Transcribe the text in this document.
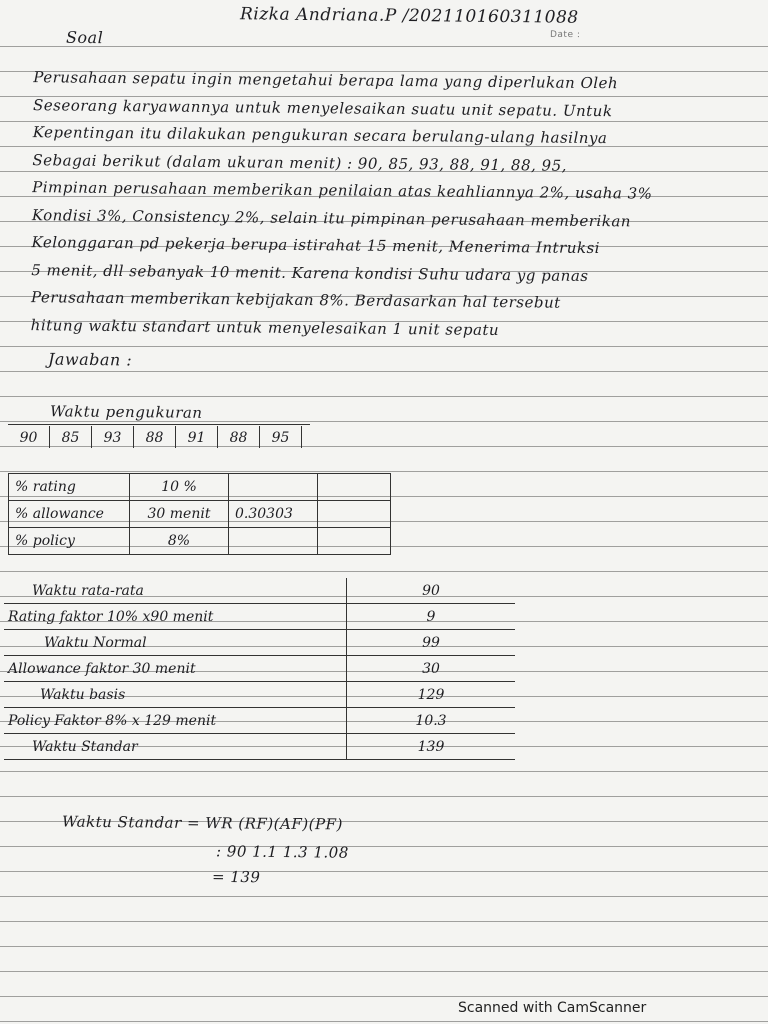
Rizka Andriana.P /202110160311088
Date :
Soal
Perusahaan sepatu ingin mengetahui berapa lama yang diperlukan Oleh
Seseorang karyawannya untuk menyelesaikan suatu unit sepatu. Untuk
Kepentingan itu dilakukan pengukuran secara berulang-ulang hasilnya
Sebagai berikut (dalam ukuran menit) : 90, 85, 93, 88, 91, 88, 95,
Pimpinan perusahaan memberikan penilaian atas keahliannya 2%, usaha 3%
Kondisi 3%, Consistency 2%, selain itu pimpinan perusahaan memberikan
Kelonggaran pd pekerja berupa istirahat 15 menit, Menerima Intruksi
5 menit, dll sebanyak 10 menit. Karena kondisi Suhu udara yg panas
Perusahaan memberikan kebijakan 8%. Berdasarkan hal tersebut
hitung waktu standart untuk menyelesaikan 1 unit sepatu
Jawaban :
Waktu pengukuran
90	85	93	88	91	88	95
% rating	10 %		
% allowance	30 menit	0.30303	
% policy	8%		
Waktu rata-rata	90
Rating faktor 10% x90 menit	9
Waktu Normal	99
Allowance faktor 30 menit	30
Waktu basis	129
Policy Faktor 8% x 129 menit	10.3
Waktu Standar	139
Waktu Standar = WR (RF)(AF)(PF)
: 90 1.1 1.3 1.08
= 139
Scanned with CamScanner
